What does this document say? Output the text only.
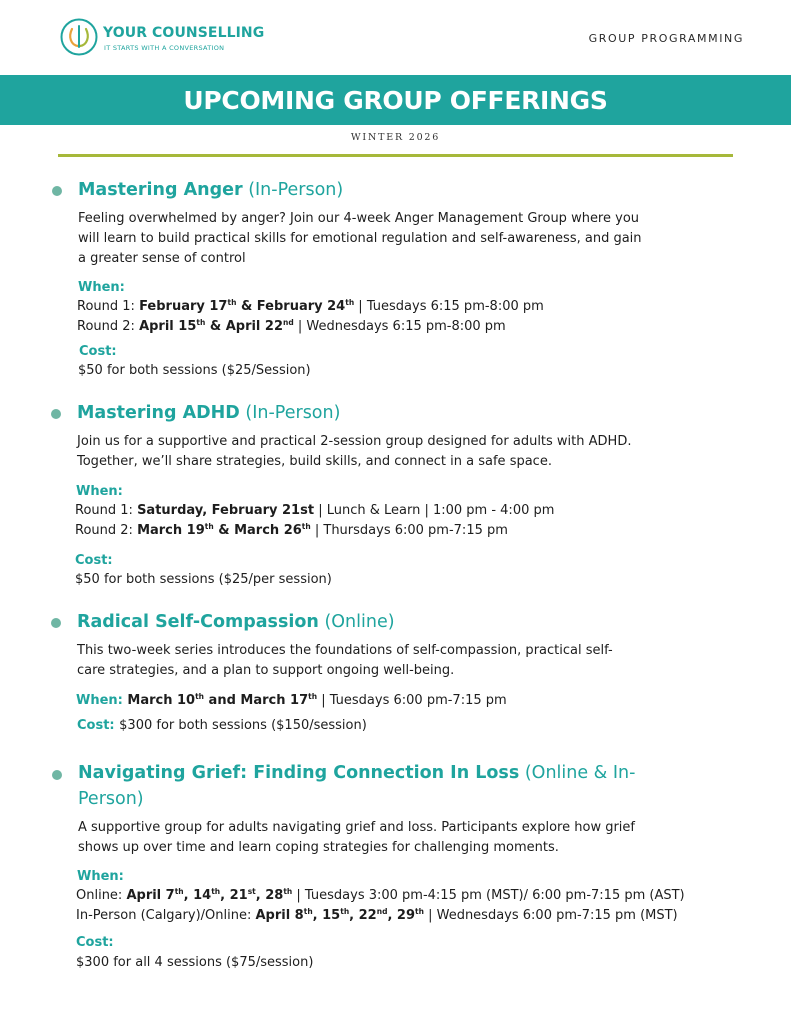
YOUR COUNSELLING
IT STARTS WITH A CONVERSATION
GROUP PROGRAMMING
UPCOMING GROUP OFFERINGS
WINTER 2026
Mastering Anger (In-Person)
Feeling overwhelmed by anger? Join our 4-week Anger Management Group where you
will learn to build practical skills for emotional regulation and self-awareness, and gain
a greater sense of control
When:
Round 1: February 17th & February 24th | Tuesdays 6:15 pm-8:00 pm
Round 2: April 15th & April 22nd | Wednesdays 6:15 pm-8:00 pm
Cost:
$50 for both sessions ($25/Session)
Mastering ADHD (In-Person)
Join us for a supportive and practical 2-session group designed for adults with ADHD.
Together, we’ll share strategies, build skills, and connect in a safe space.
When:
Round 1: Saturday, February 21st | Lunch & Learn | 1:00 pm - 4:00 pm
Round 2: March 19th & March 26th | Thursdays 6:00 pm-7:15 pm
Cost:
$50 for both sessions ($25/per session)
Radical Self-Compassion (Online)
This two-week series introduces the foundations of self-compassion, practical self-
care strategies, and a plan to support ongoing well-being.
When: March 10th and March 17th | Tuesdays 6:00 pm-7:15 pm
Cost: $300 for both sessions ($150/session)
Navigating Grief: Finding Connection In Loss (Online & In-
Person)
A supportive group for adults navigating grief and loss. Participants explore how grief
shows up over time and learn coping strategies for challenging moments.
When:
Online: April 7th, 14th, 21st, 28th | Tuesdays 3:00 pm-4:15 pm (MST)/ 6:00 pm-7:15 pm (AST)
In-Person (Calgary)/Online: April 8th, 15th, 22nd, 29th | Wednesdays 6:00 pm-7:15 pm (MST)
Cost:
$300 for all 4 sessions ($75/session)
